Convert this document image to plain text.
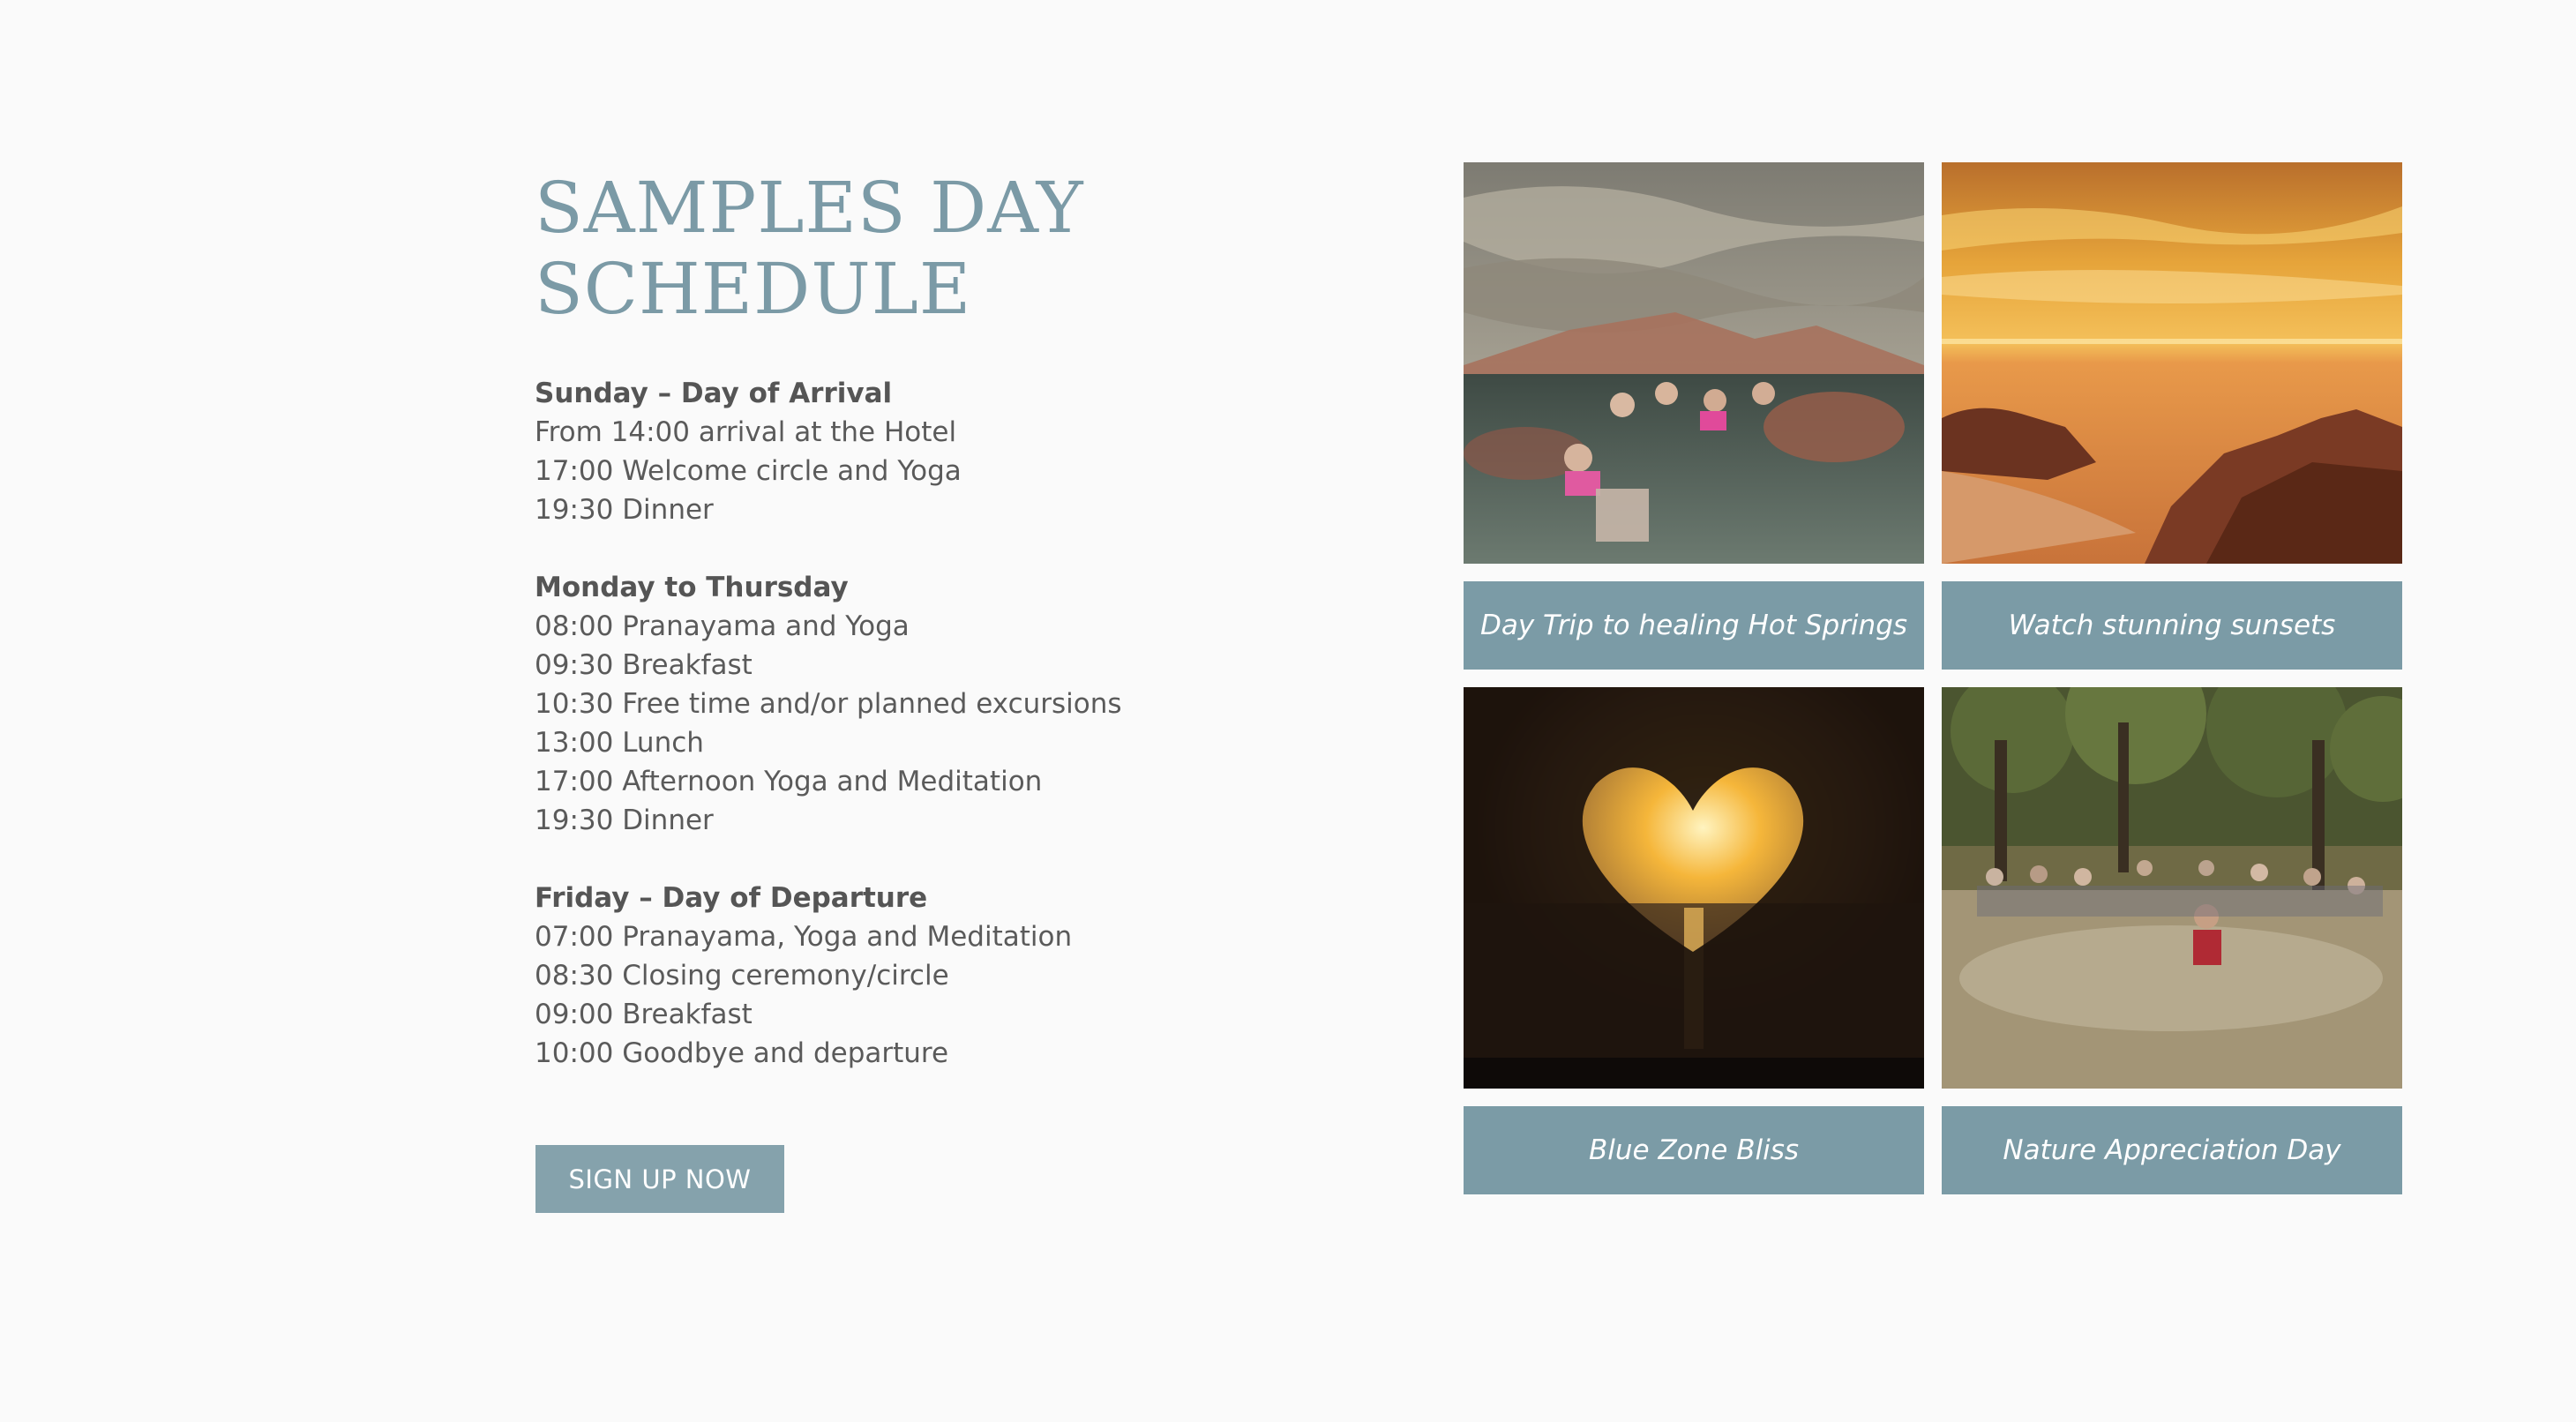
SAMPLES DAY
SCHEDULE
Sunday – Day of Arrival
From 14:00 arrival at the Hotel
17:00 Welcome circle and Yoga
19:30 Dinner
Monday to Thursday
08:00 Pranayama and Yoga
09:30 Breakfast
10:30 Free time and/or planned excursions
13:00 Lunch
17:00 Afternoon Yoga and Meditation
19:30 Dinner
Friday – Day of Departure
07:00 Pranayama, Yoga and Meditation
08:30 Closing ceremony/circle
09:00 Breakfast
10:00 Goodbye and departure
SIGN UP NOW
Day Trip to healing Hot Springs	Watch stunning sunsets
Blue Zone Bliss	Nature Appreciation Day
